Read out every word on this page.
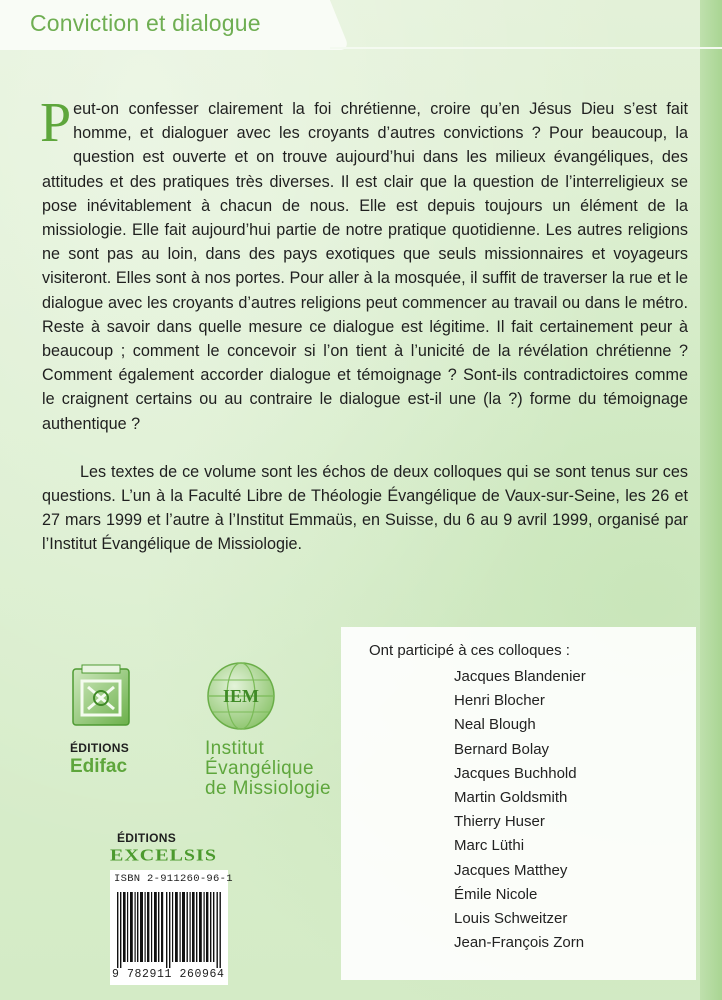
Conviction et dialogue

Peut-on confesser clairement la foi chrétienne, croire qu’en Jésus Dieu s’est fait homme, et dialoguer avec les croyants d’autres convictions ? Pour beaucoup, la question est ouverte et on trouve aujourd’hui dans les milieux évangéliques, des attitudes et des pratiques très diverses. Il est clair que la question de l’interreligieux se pose inévitablement à chacun de nous. Elle est depuis toujours un élément de la missiologie. Elle fait aujourd’hui partie de notre pratique quotidienne. Les autres religions ne sont pas au loin, dans des pays exotiques que seuls missionnaires et voyageurs visiteront. Elles sont à nos portes. Pour aller à la mosquée, il suffit de traverser la rue et le dialogue avec les croyants d’autres religions peut commencer au travail ou dans le métro. Reste à savoir dans quelle mesure ce dialogue est légitime. Il fait certainement peur à beaucoup ; comment le concevoir si l’on tient à l’unicité de la révélation chrétienne ? Comment également accorder dialogue et témoignage ? Sont-ils contradictoires comme le craignent certains ou au contraire le dialogue est-il une (la ?) forme du témoignage authentique ?

Les textes de ce volume sont les échos de deux colloques qui se sont tenus sur ces questions. L’un à la Faculté Libre de Théologie Évangélique de Vaux-sur-Seine, les 26 et 27 mars 1999 et l’autre à l’Institut Emmaüs, en Suisse, du 6 au 9 avril 1999, organisé par l’Institut Évangélique de Missiologie.

ÉDITIONS
Edifac
IEM
Institut
Évangélique
de Missiologie
ÉDITIONS
EXCELSIS
ISBN 2-911260-96-1
9 782911 260964
Ont participé à ces colloques :
Jacques Blandenier
Henri Blocher
Neal Blough
Bernard Bolay
Jacques Buchhold
Martin Goldsmith
Thierry Huser
Marc Lüthi
Jacques Matthey
Émile Nicole
Louis Schweitzer
Jean-François Zorn
